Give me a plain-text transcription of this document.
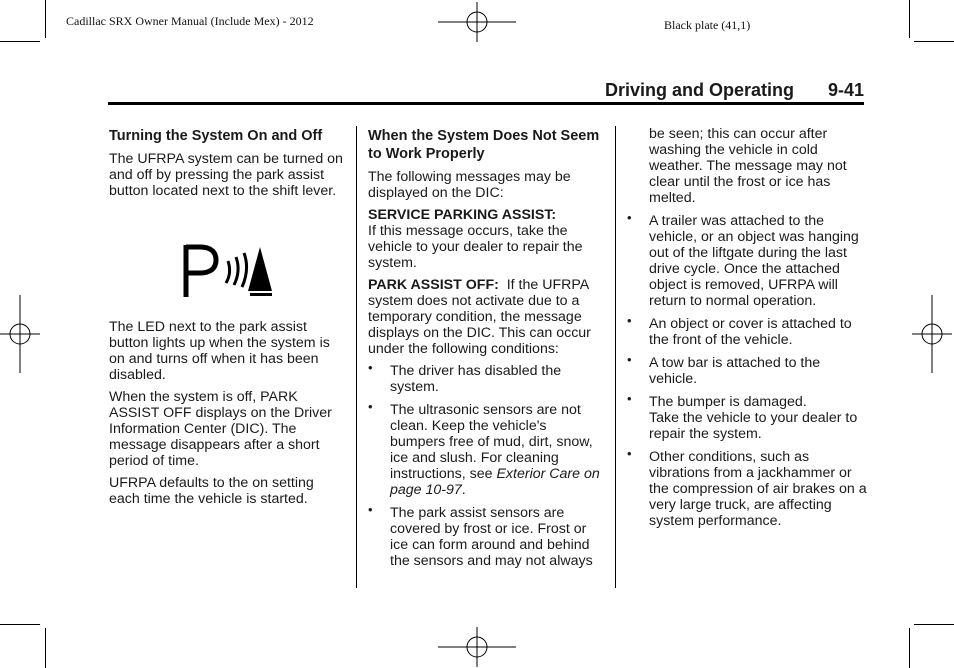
Cadillac SRX Owner Manual (Include Mex) - 2012	Black plate (41,1)
Driving and Operating 9-41
Turning the System On and Off

The UFRPA system can be turned on and off by pressing the park assist button located next to the shift lever.

The LED next to the park assist button lights up when the system is on and turns off when it has been disabled.

When the system is off, PARK ASSIST OFF displays on the Driver Information Center (DIC). The message disappears after a short period of time.

UFRPA defaults to the on setting each time the vehicle is started.

When the System Does Not Seem to Work Properly

The following messages may be displayed on the DIC:

SERVICE PARKING ASSIST:
If this message occurs, take the vehicle to your dealer to repair the system.

PARK ASSIST OFF: If the UFRPA system does not activate due to a temporary condition, the message displays on the DIC. This can occur under the following conditions:

• The driver has disabled the system.
• The ultrasonic sensors are not clean. Keep the vehicle's bumpers free of mud, dirt, snow, ice and slush. For cleaning instructions, see Exterior Care on page 10-97.
• The park assist sensors are covered by frost or ice. Frost or ice can form around and behind the sensors and may not always

be seen; this can occur after washing the vehicle in cold weather. The message may not clear until the frost or ice has melted.

• A trailer was attached to the vehicle, or an object was hanging out of the liftgate during the last drive cycle. Once the attached object is removed, UFRPA will return to normal operation.
• An object or cover is attached to the front of the vehicle.
• A tow bar is attached to the vehicle.
• The bumper is damaged.
Take the vehicle to your dealer to repair the system.
• Other conditions, such as vibrations from a jackhammer or the compression of air brakes on a very large truck, are affecting system performance.
